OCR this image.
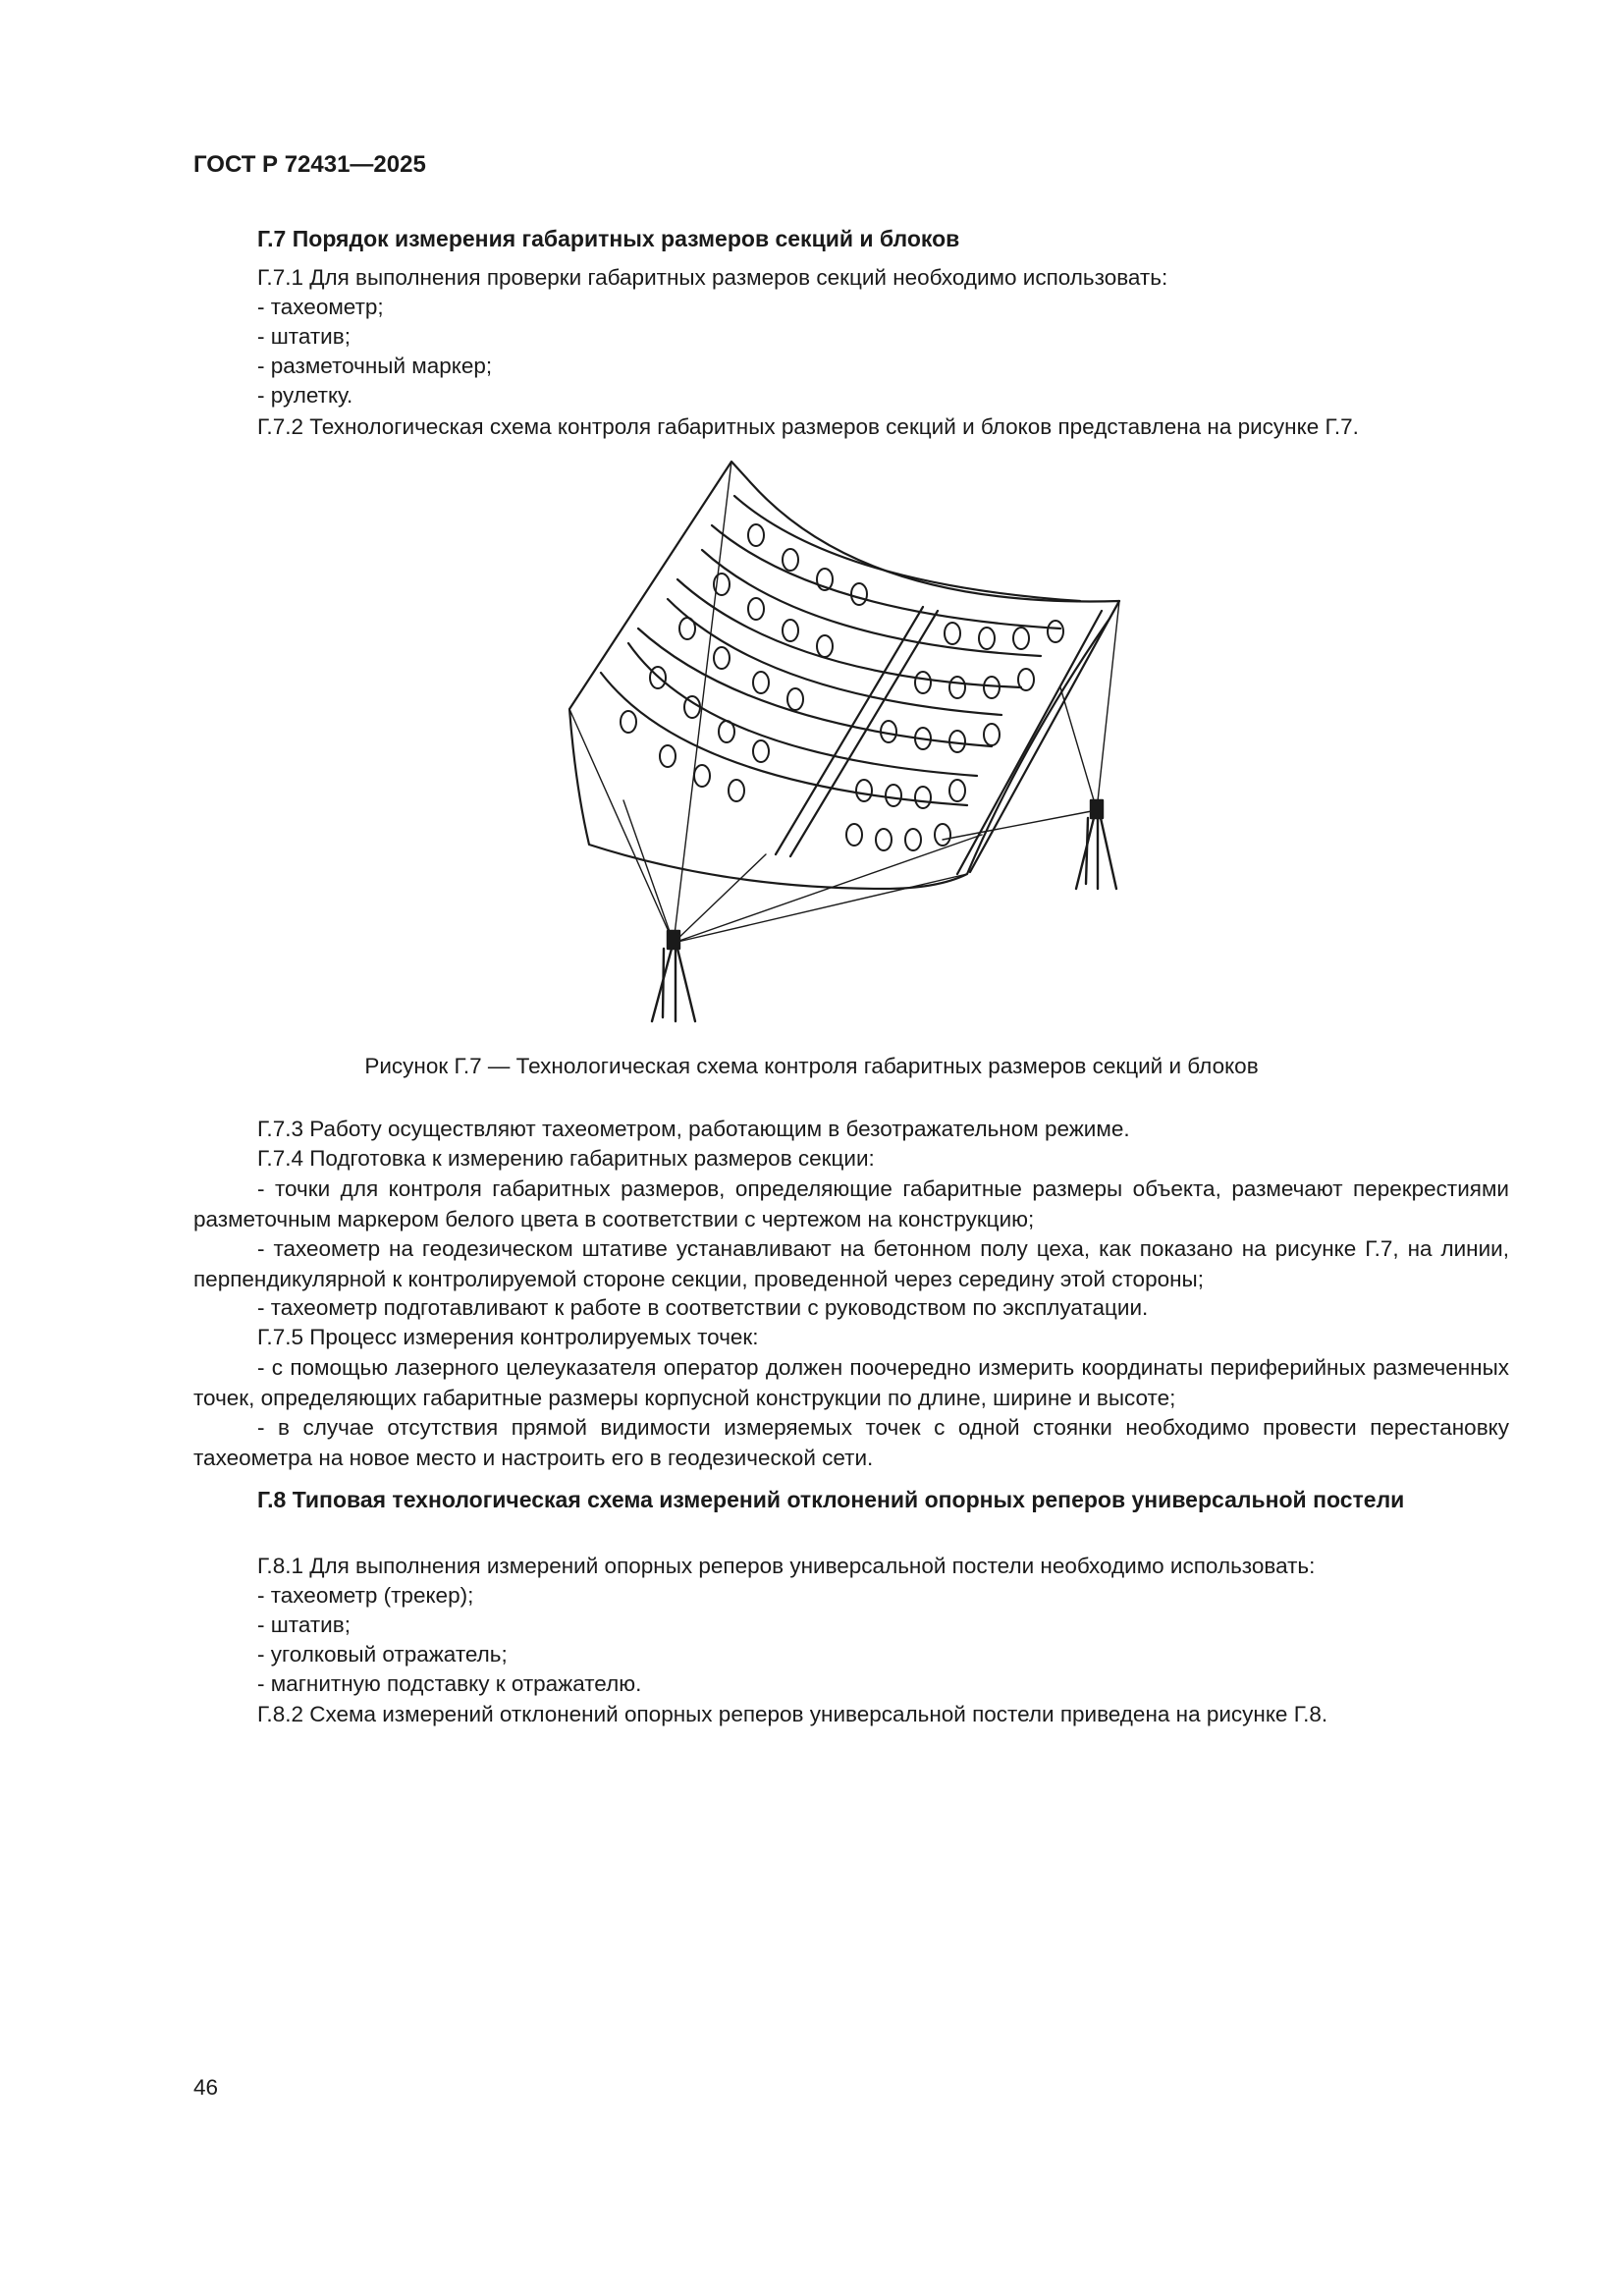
ГОСТ Р 72431—2025
Г.7 Порядок измерения габаритных размеров секций и блоков
Г.7.1 Для выполнения проверки габаритных размеров секций необходимо использовать:
- тахеометр;
- штатив;
- разметочный маркер;
- рулетку.
Г.7.2 Технологическая схема контроля габаритных размеров секций и блоков представлена на рисунке Г.7.
Рисунок Г.7 — Технологическая схема контроля габаритных размеров секций и блоков
Г.7.3 Работу осуществляют тахеометром, работающим в безотражательном режиме.
Г.7.4 Подготовка к измерению габаритных размеров секции:
- точки для контроля габаритных размеров, определяющие габаритные размеры объекта, размечают перекрестиями разметочным маркером белого цвета в соответствии с чертежом на конструкцию;
- тахеометр на геодезическом штативе устанавливают на бетонном полу цеха, как показано на рисунке Г.7, на линии, перпендикулярной к контролируемой стороне секции, проведенной через середину этой стороны;
- тахеометр подготавливают к работе в соответствии с руководством по эксплуатации.
Г.7.5 Процесс измерения контролируемых точек:
- с помощью лазерного целеуказателя оператор должен поочередно измерить координаты периферийных размеченных точек, определяющих габаритные размеры корпусной конструкции по длине, ширине и высоте;
- в случае отсутствия прямой видимости измеряемых точек с одной стоянки необходимо провести перестановку тахеометра на новое место и настроить его в геодезической сети.
Г.8 Типовая технологическая схема измерений отклонений опорных реперов универсальной постели
Г.8.1 Для выполнения измерений опорных реперов универсальной постели необходимо использовать:
- тахеометр (трекер);
- штатив;
- уголковый отражатель;
- магнитную подставку к отражателю.
Г.8.2 Схема измерений отклонений опорных реперов универсальной постели приведена на рисунке Г.8.
46
